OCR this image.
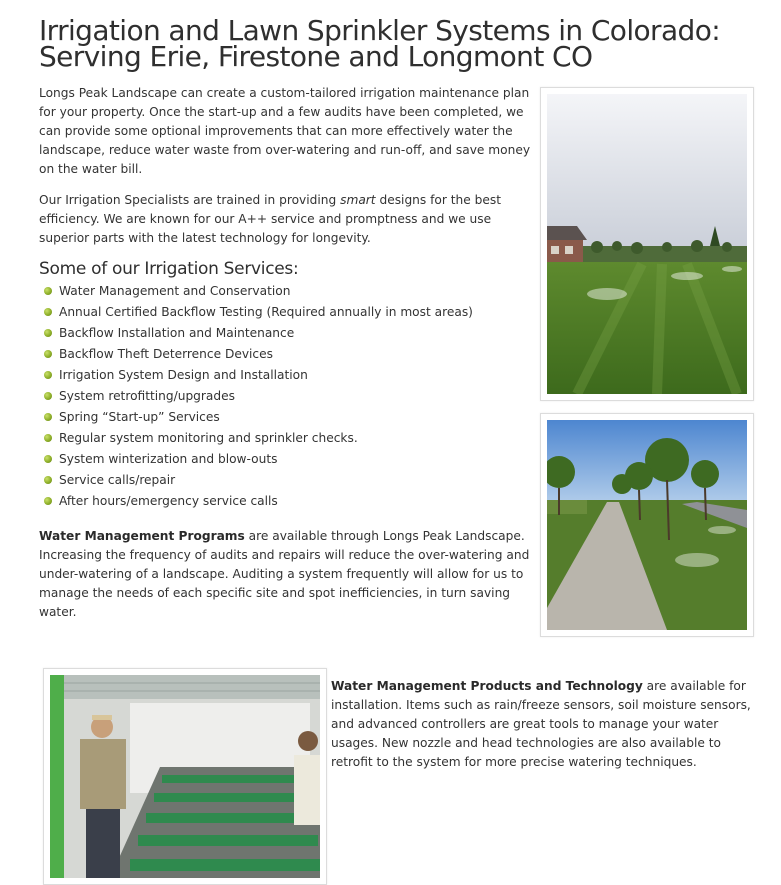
Irrigation and Lawn Sprinkler Systems in Colorado: Serving Erie, Firestone and Longmont CO

Longs Peak Landscape can create a custom-tailored irrigation maintenance plan for your property. Once the start-up and a few audits have been completed, we can provide some optional improvements that can more effectively water the landscape, reduce water waste from over-watering and run-off, and save money on the water bill.

Our Irrigation Specialists are trained in providing smart designs for the best efficiency. We are known for our A++ service and promptness and we use superior parts with the latest technology for longevity.

Some of our Irrigation Services:
Water Management and Conservation
Annual Certified Backflow Testing (Required annually in most areas)
Backflow Installation and Maintenance
Backflow Theft Deterrence Devices
Irrigation System Design and Installation
System retrofitting/upgrades
Spring “Start-up” Services
Regular system monitoring and sprinkler checks.
System winterization and blow-outs
Service calls/repair
After hours/emergency service calls

Water Management Programs are available through Longs Peak Landscape. Increasing the frequency of audits and repairs will reduce the over-watering and under-watering of a landscape. Auditing a system frequently will allow for us to manage the needs of each specific site and spot inefficiencies, in turn saving water.

Water Management Products and Technology are available for installation. Items such as rain/freeze sensors, soil moisture sensors, and advanced controllers are great tools to manage your water usages. New nozzle and head technologies are also available to retrofit to the system for more precise watering techniques.
